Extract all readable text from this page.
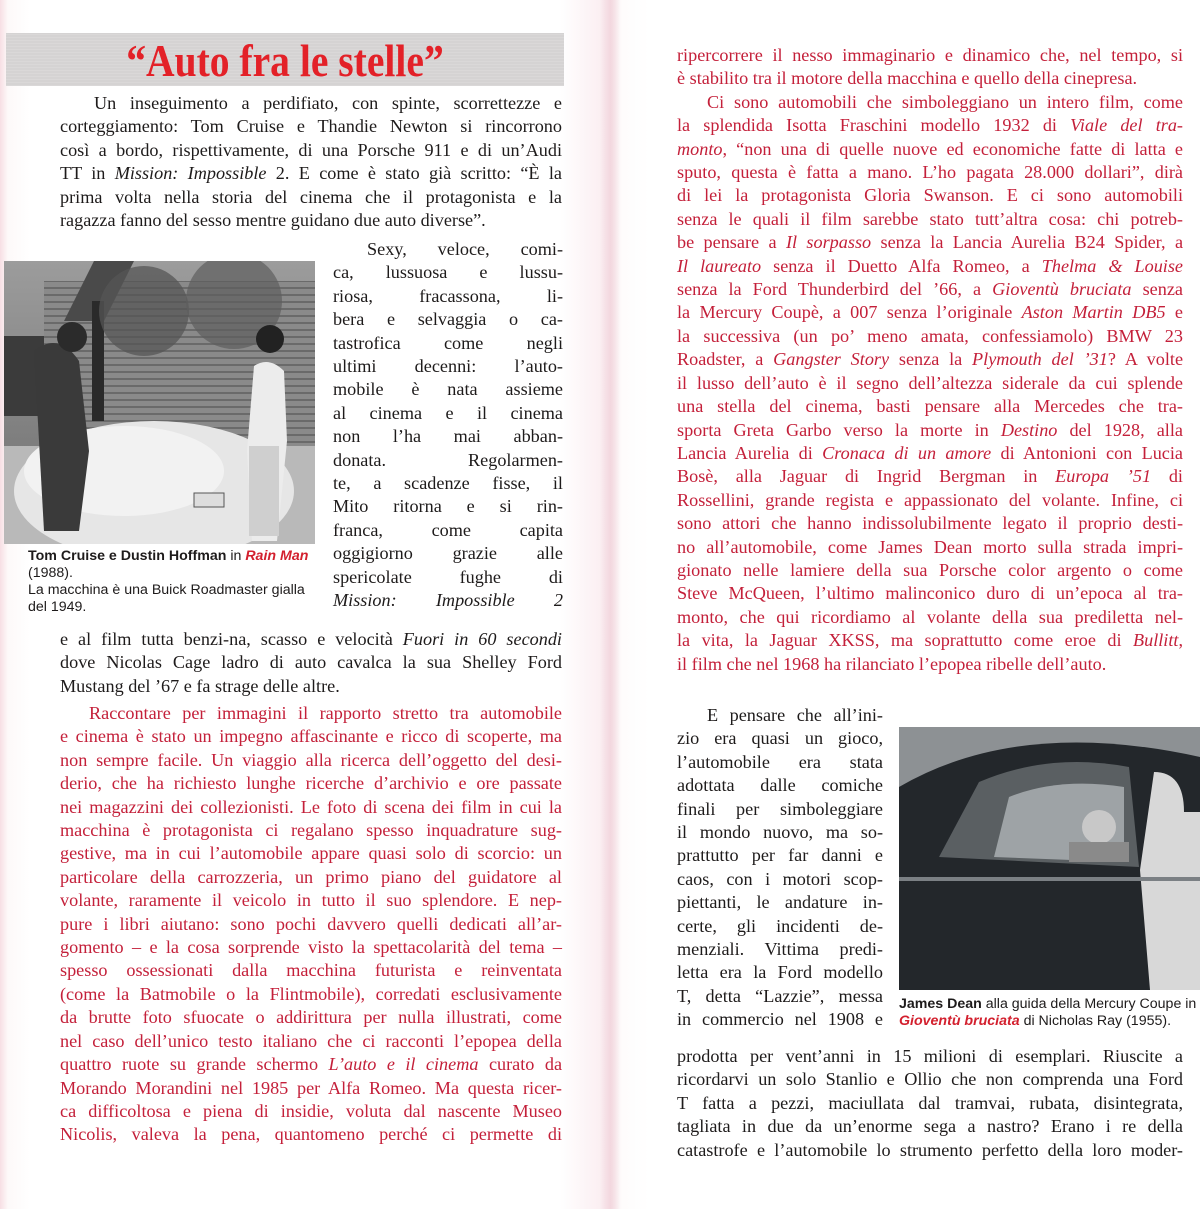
“Auto fra le stelle”
Un inseguimento a perdifiato, con spinte, scorrettezze e
corteggiamento: Tom Cruise e Thandie Newton si rincorrono
così a bordo, rispettivamente, di una Porsche 911 e di un’Audi
TT in Mission: Impossible 2. E come è stato già scritto: “È la
prima volta nella storia del cinema che il protagonista e la
ragazza fanno del sesso mentre guidano due auto diverse”.
Tom Cruise e Dustin Hoffman in Rain Man (1988).
La macchina è una Buick Roadmaster gialla
del 1949.
Sexy, veloce, comi-
ca, lussuosa e lussu-
riosa, fracassona, li-
bera e selvaggia o ca-
tastrofica come negli
ultimi decenni: l’auto-
mobile è nata assieme
al cinema e il cinema
non l’ha mai abban-
donata. Regolarmen-
te, a scadenze fisse, il
Mito ritorna e si rin-
franca, come capita
oggigiorno grazie alle
spericolate fughe di
Mission: Impossible 2
e al film tutta benzi-na, scasso e velocità Fuori in 60 secondi
dove Nicolas Cage ladro di auto cavalca la sua Shelley Ford
Mustang del ’67 e fa strage delle altre.
Raccontare per immagini il rapporto stretto tra automobile
e cinema è stato un impegno affascinante e ricco di scoperte, ma
non sempre facile. Un viaggio alla ricerca dell’oggetto del desi-
derio, che ha richiesto lunghe ricerche d’archivio e ore passate
nei magazzini dei collezionisti. Le foto di scena dei film in cui la
macchina è protagonista ci regalano spesso inquadrature sug-
gestive, ma in cui l’automobile appare quasi solo di scorcio: un
particolare della carrozzeria, un primo piano del guidatore al
volante, raramente il veicolo in tutto il suo splendore. E nep-
pure i libri aiutano: sono pochi davvero quelli dedicati all’ar-
gomento – e la cosa sorprende visto la spettacolarità del tema –
spesso ossessionati dalla macchina futurista e reinventata
(come la Batmobile o la Flintmobile), corredati esclusivamente
da brutte foto sfuocate o addirittura per nulla illustrati, come
nel caso dell’unico testo italiano che ci racconti l’epopea della
quattro ruote su grande schermo L’auto e il cinema curato da
Morando Morandini nel 1985 per Alfa Romeo. Ma questa ricer-
ca difficoltosa e piena di insidie, voluta dal nascente Museo
Nicolis, valeva la pena, quantomeno perché ci permette di
ripercorrere il nesso immaginario e dinamico che, nel tempo, si
è stabilito tra il motore della macchina e quello della cinepresa.
Ci sono automobili che simboleggiano un intero film, come
la splendida Isotta Fraschini modello 1932 di Viale del tra-
monto, “non una di quelle nuove ed economiche fatte di latta e
sputo, questa è fatta a mano. L’ho pagata 28.000 dollari”, dirà
di lei la protagonista Gloria Swanson. E ci sono automobili
senza le quali il film sarebbe stato tutt’altra cosa: chi potreb-
be pensare a Il sorpasso senza la Lancia Aurelia B24 Spider, a
Il laureato senza il Duetto Alfa Romeo, a Thelma & Louise
senza la Ford Thunderbird del ’66, a Gioventù bruciata senza
la Mercury Coupè, a 007 senza l’originale Aston Martin DB5 e
la successiva (un po’ meno amata, confessiamolo) BMW 23
Roadster, a Gangster Story senza la Plymouth del ’31? A volte
il lusso dell’auto è il segno dell’altezza siderale da cui splende
una stella del cinema, basti pensare alla Mercedes che tra-
sporta Greta Garbo verso la morte in Destino del 1928, alla
Lancia Aurelia di Cronaca di un amore di Antonioni con Lucia
Bosè, alla Jaguar di Ingrid Bergman in Europa ’51 di
Rossellini, grande regista e appassionato del volante. Infine, ci
sono attori che hanno indissolubilmente legato il proprio desti-
no all’automobile, come James Dean morto sulla strada impri-
gionato nelle lamiere della sua Porsche color argento o come
Steve McQueen, l’ultimo malinconico duro di un’epoca al tra-
monto, che qui ricordiamo al volante della sua prediletta nel-
la vita, la Jaguar XKSS, ma soprattutto come eroe di Bullitt,
il film che nel 1968 ha rilanciato l’epopea ribelle dell’auto.
James Dean alla guida della Mercury Coupe in
Gioventù bruciata di Nicholas Ray (1955).
E pensare che all’ini-
zio era quasi un gioco,
l’automobile era stata
adottata dalle comiche
finali per simboleggiare
il mondo nuovo, ma so-
prattutto per far danni e
caos, con i motori scop-
piettanti, le andature in-
certe, gli incidenti de-
menziali. Vittima predi-
letta era la Ford modello
T, detta “Lazzie”, messa
in commercio nel 1908 e
prodotta per vent’anni in 15 milioni di esemplari. Riuscite a
ricordarvi un solo Stanlio e Ollio che non comprenda una Ford
T fatta a pezzi, maciullata dal tramvai, rubata, disintegrata,
tagliata in due da un’enorme sega a nastro? Erano i re della
catastrofe e l’automobile lo strumento perfetto della loro moder-
